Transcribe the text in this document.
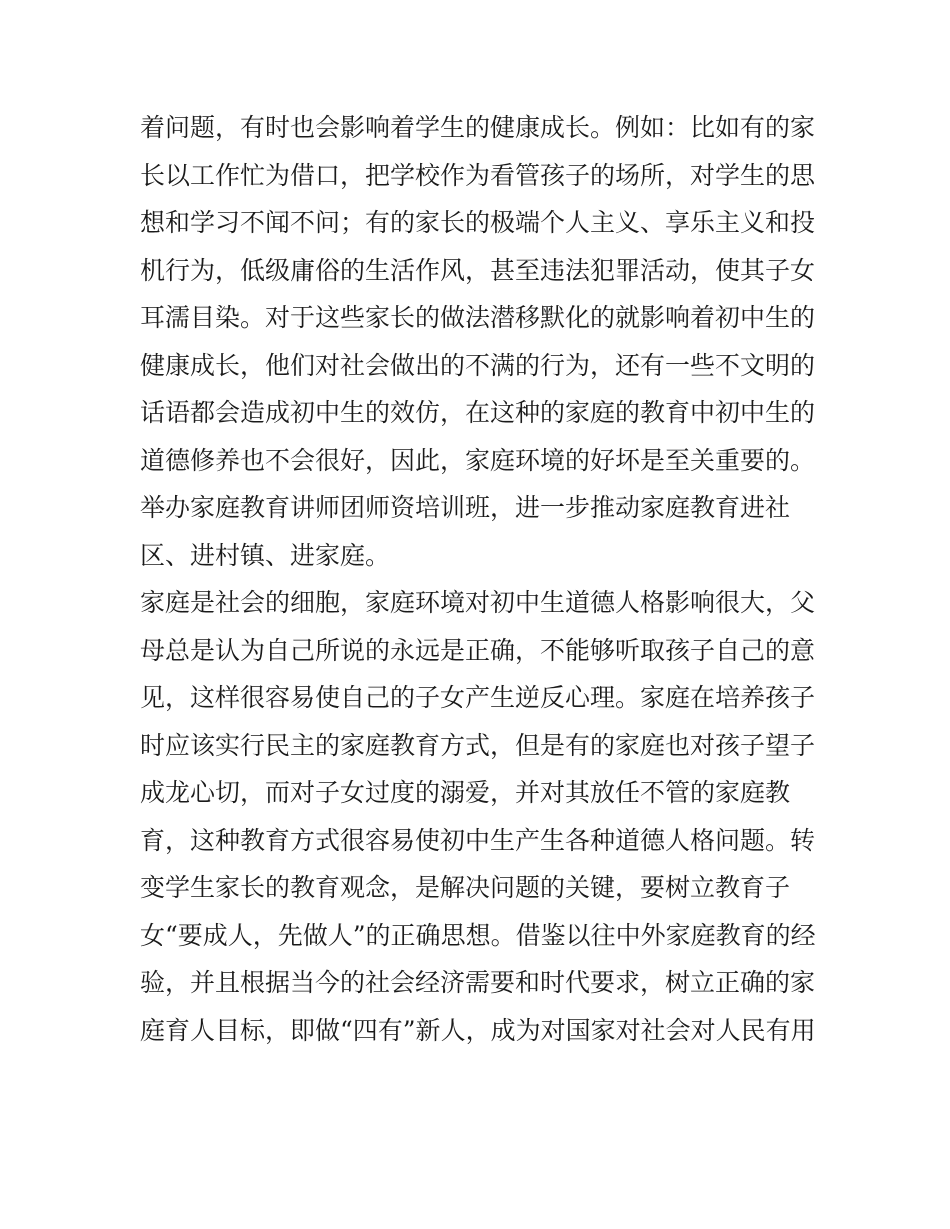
着问题，有时也会影响着学生的健康成长。例如：比如有的家
长以工作忙为借口，把学校作为看管孩子的场所，对学生的思
想和学习不闻不问；有的家长的极端个人主义、享乐主义和投
机行为，低级庸俗的生活作风，甚至违法犯罪活动，使其子女
耳濡目染。对于这些家长的做法潜移默化的就影响着初中生的
健康成长，他们对社会做出的不满的行为，还有一些不文明的
话语都会造成初中生的效仿，在这种的家庭的教育中初中生的
道德修养也不会很好，因此，家庭环境的好坏是至关重要的。
举办家庭教育讲师团师资培训班，进一步推动家庭教育进社
区、进村镇、进家庭。
家庭是社会的细胞，家庭环境对初中生道德人格影响很大，父
母总是认为自己所说的永远是正确，不能够听取孩子自己的意
见，这样很容易使自己的子女产生逆反心理。家庭在培养孩子
时应该实行民主的家庭教育方式，但是有的家庭也对孩子望子
成龙心切，而对子女过度的溺爱，并对其放任不管的家庭教
育，这种教育方式很容易使初中生产生各种道德人格问题。转
变学生家长的教育观念，是解决问题的关键，要树立教育子
女“要成人，先做人”的正确思想。借鉴以往中外家庭教育的经
验，并且根据当今的社会经济需要和时代要求，树立正确的家
庭育人目标，即做“四有”新人，成为对国家对社会对人民有用
